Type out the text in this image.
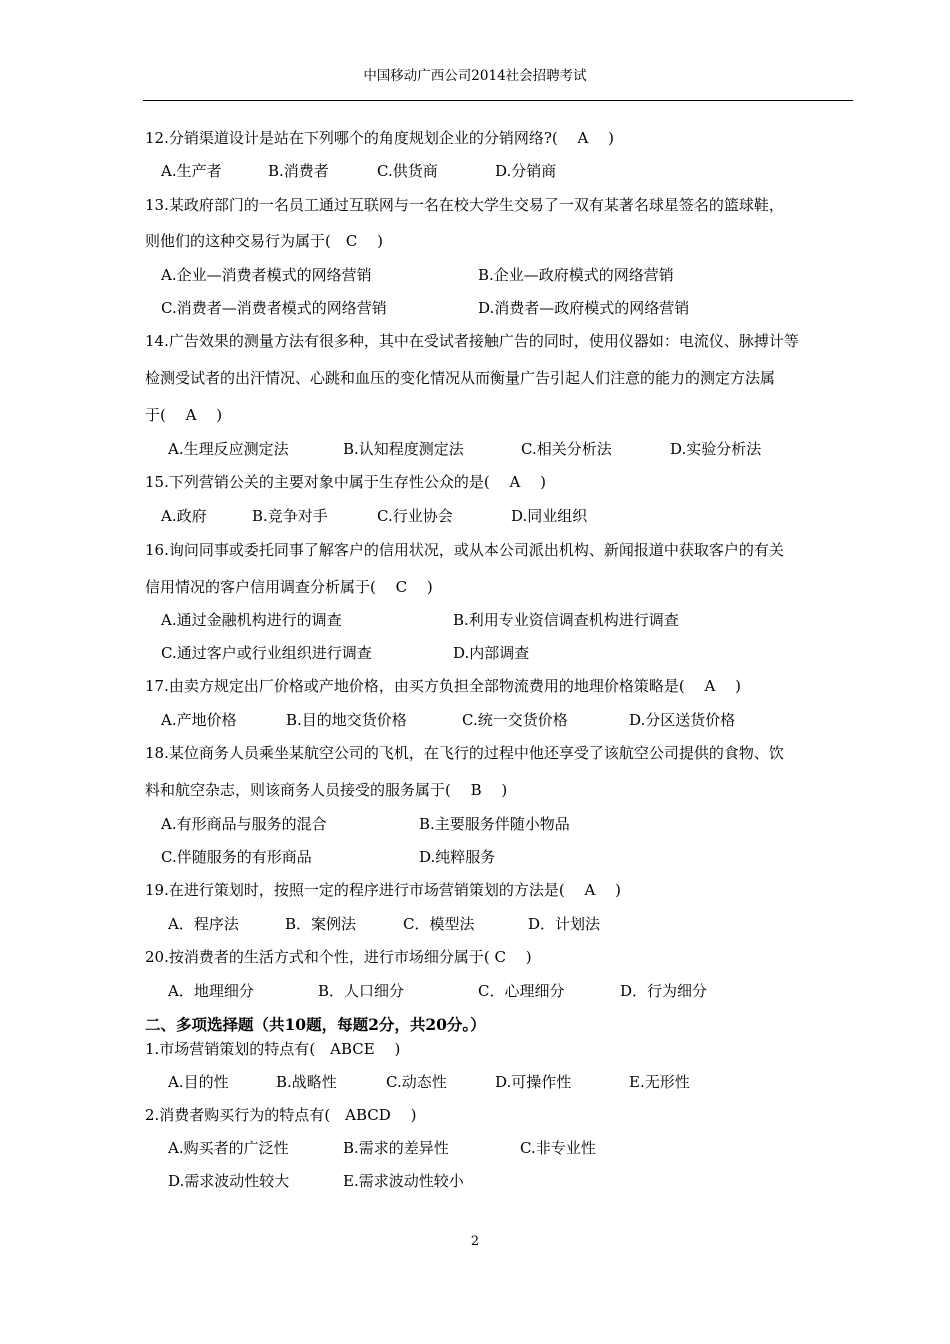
中国移动广西公司2014社会招聘考试
12.分销渠道设计是站在下列哪个的角度规划企业的分销网络?(　 A 　)
A.生产者	B.消费者	C.供货商	D.分销商
13.某政府部门的一名员工通过互联网与一名在校大学生交易了一双有某著名球星签名的篮球鞋，
则他们的这种交易行为属于(　C　 )
A.企业—消费者模式的网络营销	B.企业—政府模式的网络营销
C.消费者—消费者模式的网络营销	D.消费者—政府模式的网络营销
14.广告效果的测量方法有很多种，其中在受试者接触广告的同时，使用仪器如：电流仪、脉搏计等
检测受试者的出汗情况、心跳和血压的变化情况从而衡量广告引起人们注意的能力的测定方法属
于(　 A 　)
A.生理反应测定法	B.认知程度测定法	C.相关分析法	D.实验分析法
15.下列营销公关的主要对象中属于生存性公众的是(　 A 　)
A.政府	B.竞争对手	C.行业协会	D.同业组织
16.询问同事或委托同事了解客户的信用状况，或从本公司派出机构、新闻报道中获取客户的有关
信用情况的客户信用调查分析属于(　 C 　)
A.通过金融机构进行的调查	B.利用专业资信调查机构进行调查
C.通过客户或行业组织进行调查	D.内部调查
17.由卖方规定出厂价格或产地价格，由买方负担全部物流费用的地理价格策略是(　 A 　)
A.产地价格	B.目的地交货价格	C.统一交货价格	D.分区送货价格
18.某位商务人员乘坐某航空公司的飞机，在飞行的过程中他还享受了该航空公司提供的食物、饮
料和航空杂志，则该商务人员接受的服务属于(　 B 　)
A.有形商品与服务的混合	B.主要服务伴随小物品
C.伴随服务的有形商品	D.纯粹服务
19.在进行策划时，按照一定的程序进行市场营销策划的方法是(　 A 　)
A．程序法	B．案例法	C．模型法	D．计划法
20.按消费者的生活方式和个性，进行市场细分属于( C 　)
A．地理细分	B．人口细分	C．心理细分	D．行为细分
二、多项选择题（共10题，每题2分，共20分。）
1.市场营销策划的特点有(　ABCE　 )
A.目的性	B.战略性	C.动态性	D.可操作性	E.无形性
2.消费者购买行为的特点有(　ABCD　 )
A.购买者的广泛性	B.需求的差异性	C.非专业性
D.需求波动性较大	E.需求波动性较小
2
